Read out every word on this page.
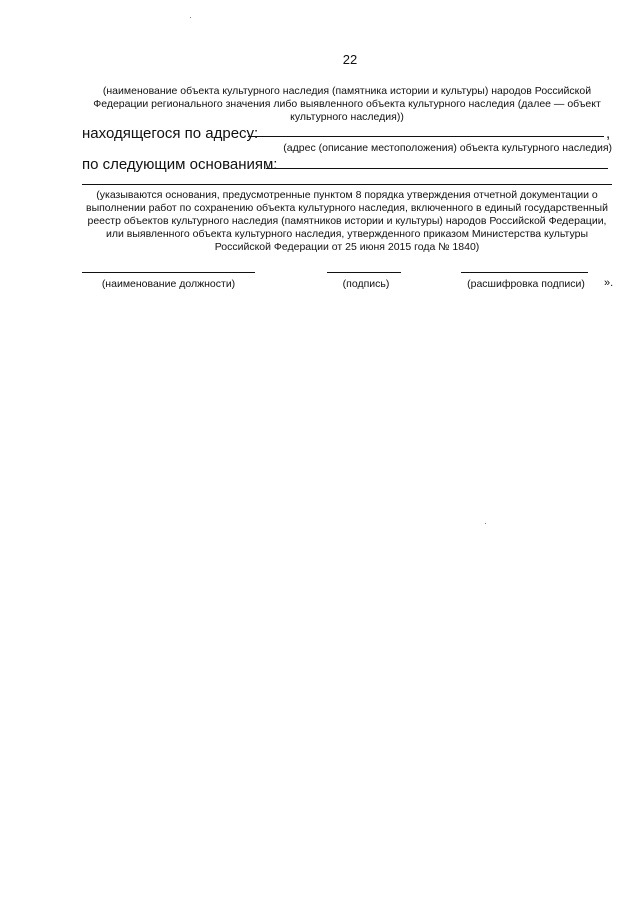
22
(наименование объекта культурного наследия (памятника истории и культуры) народов Российской Федерации регионального значения либо выявленного объекта культурного наследия (далее — объект культурного наследия))
находящегося по адресу:	,
(адрес (описание местоположения) объекта культурного наследия)
по следующим основаниям:
(указываются основания, предусмотренные пунктом 8 порядка утверждения отчетной документации о выполнении работ по сохранению объекта культурного наследия, включенного в единый государственный реестр объектов культурного наследия (памятников истории и культуры) народов Российской Федерации, или выявленного объекта культурного наследия, утвержденного приказом Министерства культуры Российской Федерации от 25 июня 2015 года № 1840)
(наименование должности)	(подпись)	(расшифровка подписи)	».
